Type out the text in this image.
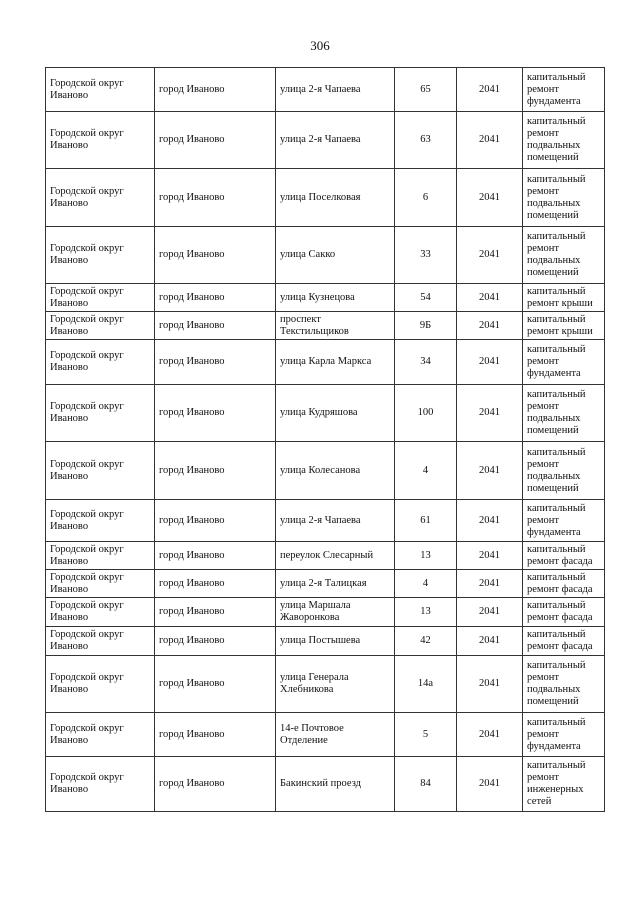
306
Городской округ Иваново	город Иваново	улица 2-я Чапаева	65	2041	капитальный ремонт фундамента
Городской округ Иваново	город Иваново	улица 2-я Чапаева	63	2041	капитальный ремонт подвальных помещений
Городской округ Иваново	город Иваново	улица Поселковая	6	2041	капитальный ремонт подвальных помещений
Городской округ Иваново	город Иваново	улица Сакко	33	2041	капитальный ремонт подвальных помещений
Городской округ Иваново	город Иваново	улица Кузнецова	54	2041	капитальный ремонт крыши
Городской округ Иваново	город Иваново	проспект Текстильщиков	9Б	2041	капитальный ремонт крыши
Городской округ Иваново	город Иваново	улица Карла Маркса	34	2041	капитальный ремонт фундамента
Городской округ Иваново	город Иваново	улица Кудряшова	100	2041	капитальный ремонт подвальных помещений
Городской округ Иваново	город Иваново	улица Колесанова	4	2041	капитальный ремонт подвальных помещений
Городской округ Иваново	город Иваново	улица 2-я Чапаева	61	2041	капитальный ремонт фундамента
Городской округ Иваново	город Иваново	переулок Слесарный	13	2041	капитальный ремонт фасада
Городской округ Иваново	город Иваново	улица 2-я Талицкая	4	2041	капитальный ремонт фасада
Городской округ Иваново	город Иваново	улица Маршала Жаворонкова	13	2041	капитальный ремонт фасада
Городской округ Иваново	город Иваново	улица Постышева	42	2041	капитальный ремонт фасада
Городской округ Иваново	город Иваново	улица Генерала Хлебникова	14а	2041	капитальный ремонт подвальных помещений
Городской округ Иваново	город Иваново	14-е Почтовое Отделение	5	2041	капитальный ремонт фундамента
Городской округ Иваново	город Иваново	Бакинский проезд	84	2041	капитальный ремонт инженерных сетей
